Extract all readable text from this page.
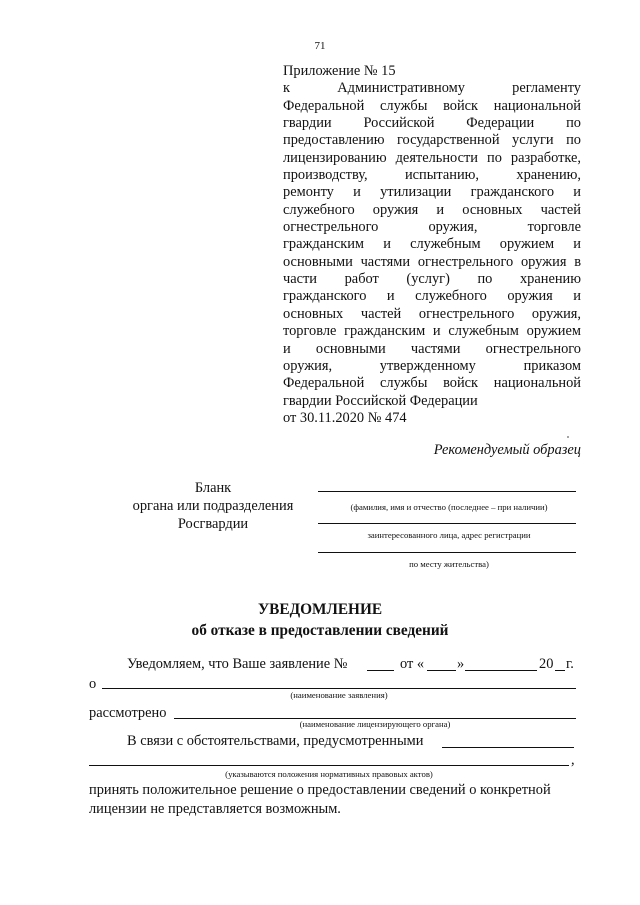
71
Приложение № 15
к Административному регламенту
Федеральной службы войск национальной
гвардии Российской Федерации по
предоставлению государственной услуги по
лицензированию деятельности по разработке,
производству, испытанию, хранению,
ремонту и утилизации гражданского и
служебного оружия и основных частей
огнестрельного оружия, торговле
гражданским и служебным оружием и
основными частями огнестрельного оружия в
части работ (услуг) по хранению
гражданского и служебного оружия и
основных частей огнестрельного оружия,
торговле гражданским и служебным оружием
и основными частями огнестрельного
оружия, утвержденному приказом
Федеральной службы войск национальной
гвардии Российской Федерации
от 30.11.2020 № 474
Рекомендуемый образец
Бланк
органа или подразделения
Росгвардии
(фамилия, имя и отчество (последнее – при наличии)
заинтересованного лица, адрес регистрации
по месту жительства)
УВЕДОМЛЕНИЕ
об отказе в предоставлении сведений
Уведомляем, что Ваше заявление №	от « »	20 г.
о
(наименование заявления)
рассмотрено
(наименование лицензирующего органа)
В связи с обстоятельствами, предусмотренными
,
(указываются положения нормативных правовых актов)
принять положительное решение о предоставлении сведений о конкретной
лицензии не представляется возможным.
